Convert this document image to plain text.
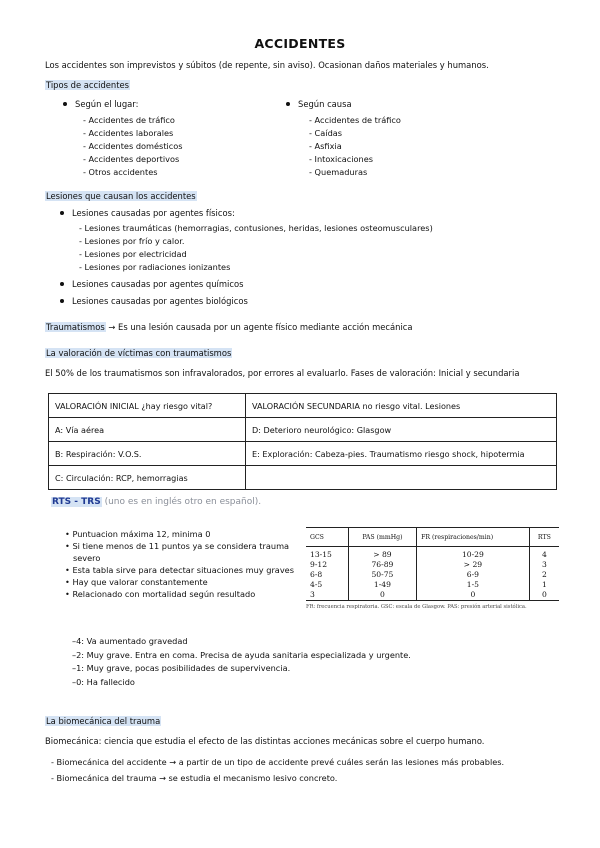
ACCIDENTES
Los accidentes son imprevistos y súbitos (de repente, sin aviso). Ocasionan daños materiales y humanos.
Tipos de accidentes
Según el lugar:
- Accidentes de tráfico
- Accidentes laborales
- Accidentes domésticos
- Accidentes deportivos
- Otros accidentes
Según causa
- Accidentes de tráfico
- Caídas
- Asfixia
- Intoxicaciones
- Quemaduras
Lesiones que causan los accidentes
Lesiones causadas por agentes físicos:
- Lesiones traumáticas (hemorragias, contusiones, heridas, lesiones osteomusculares)
- Lesiones por frío y calor.
- Lesiones por electricidad
- Lesiones por radiaciones ionizantes
Lesiones causadas por agentes químicos
Lesiones causadas por agentes biológicos
Traumatismos → Es una lesión causada por un agente físico mediante acción mecánica
La valoración de víctimas con traumatismos
El 50% de los traumatismos son infravalorados, por errores al evaluarlo. Fases de valoración: Inicial y secundaria
VALORACIÓN INICIAL ¿hay riesgo vital?	VALORACIÓN SECUNDARIA no riesgo vital. Lesiones
A: Vía aérea	D: Deterioro neurológico: Glasgow
B: Respiración: V.O.S.	E: Exploración: Cabeza-pies. Traumatismo riesgo shock, hipotermia
C: Circulación: RCP, hemorragias	
RTS - TRS (uno es en inglés otro en español).
• Puntuacion máxima 12, minima 0
• Si tiene menos de 11 puntos ya se considera trauma severo
• Esta tabla sirve para detectar situaciones muy graves
• Hay que valorar constantemente
• Relacionado con mortalidad según resultado
GCS	PAS (mmHg)	FR (respiraciones/min)	RTS
13-15	> 89	10-29	4
9-12	76-89	> 29	3
6-8	50-75	6-9	2
4-5	1-49	1-5	1
3	0	0	0
FR: frecuencia respiratoria. GSC: escala de Glasgow. PAS: presión arterial sistólica.
–4: Va aumentado gravedad
–2: Muy grave. Entra en coma. Precisa de ayuda sanitaria especializada y urgente.
–1: Muy grave, pocas posibilidades de supervivencia.
–0: Ha fallecido
La biomecánica del trauma
Biomecánica: ciencia que estudia el efecto de las distintas acciones mecánicas sobre el cuerpo humano.
- Biomecánica del accidente → a partir de un tipo de accidente prevé cuáles serán las lesiones más probables.
- Biomecánica del trauma → se estudia el mecanismo lesivo concreto.
